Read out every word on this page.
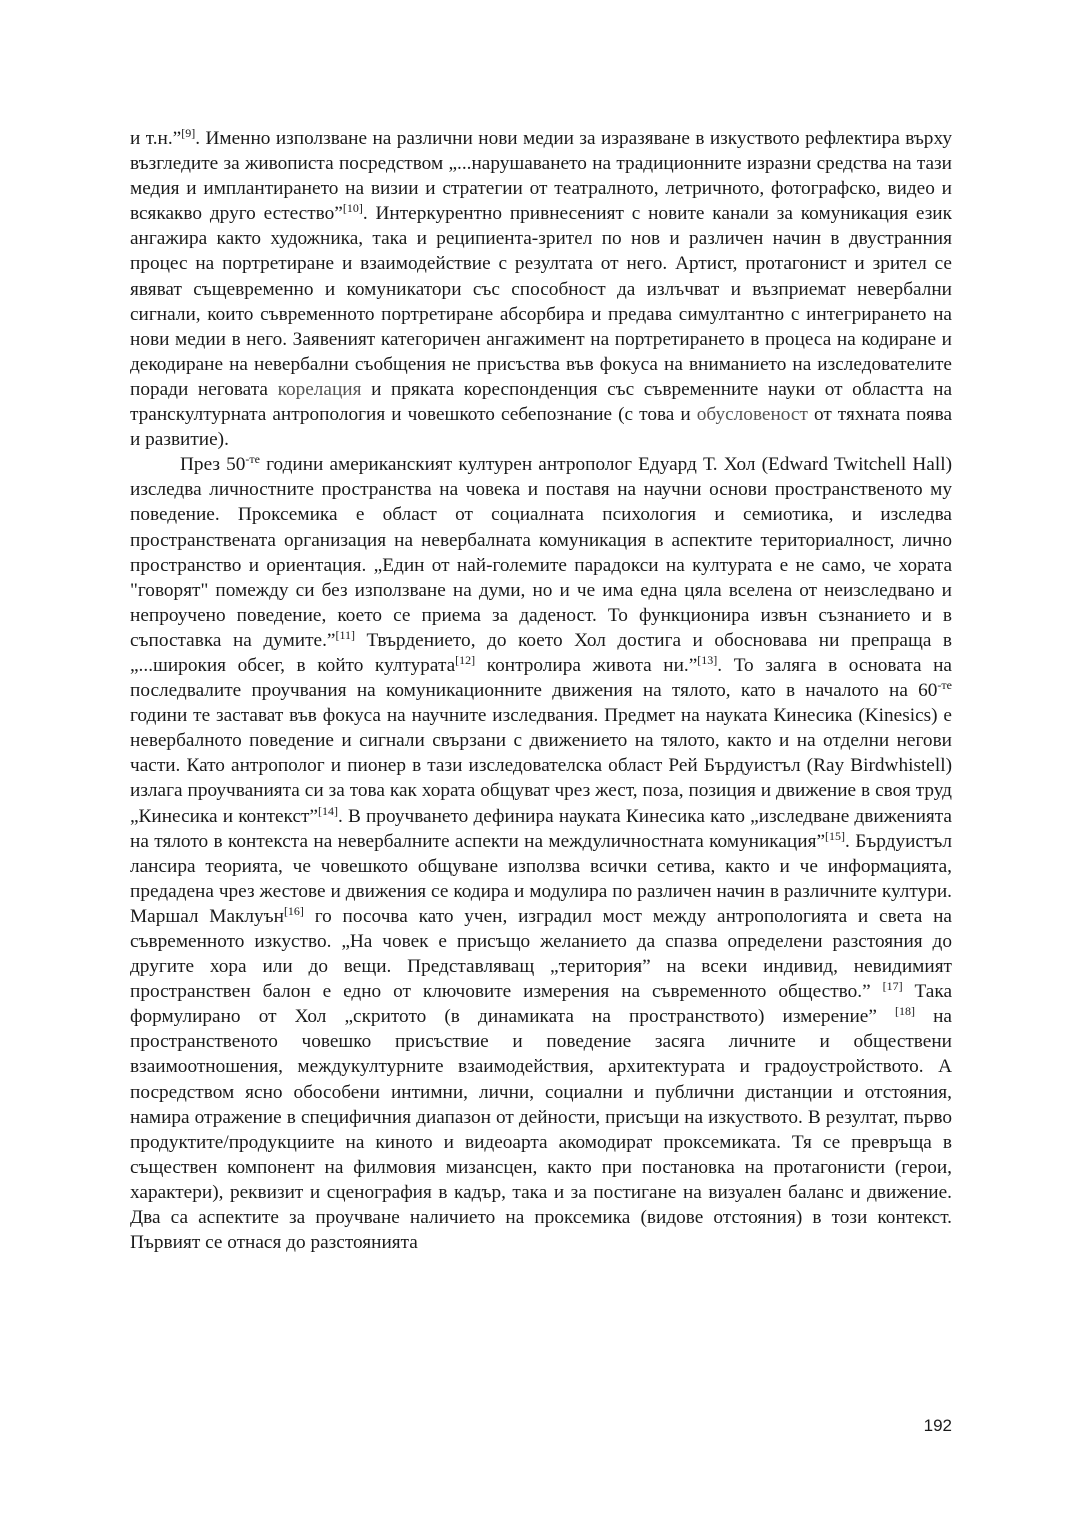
и т.н.”[9]. Именно използване на различни нови медии за изразяване в изкуството рефлектира върху възгледите за живописта посредством „...нарушаването на традиционните изразни средства на тази медия и имплантирането на визии и стратегии от театралното, летричното, фотографско, видео и всякакво друго естество”[10]. Интеркурентно привнесеният с новите канали за комуникация език ангажира както художника, така и реципиента-зрител по нов и различен начин в двустранния процес на портретиране и взаимодействие с резултата от него. Артист, протагонист и зрител се явяват същевременно и комуникатори със способност да излъчват и възприемат невербални сигнали, които съвременното портретиране абсорбира и предава симултантно с интегрирането на нови медии в него. Заявеният категоричен ангажимент на портретирането в процеса на кодиране и декодиране на невербални съобщения не присъства във фокуса на вниманието на изследователите поради неговата корелация и пряката кореспонденция със съвременните науки от областта на транскултурната антропология и човешкото себепознание (с това и обусловеност от тяхната поява и развитие).

През $50^{-те}$ години американският културен антрополог Едуард Т. Хол (Edward Twitchell Hall) изследва личностните пространства на човека и поставя на научни основи пространственото му поведение. Проксемика е област от социалната психология и семиотика, и изследва пространствената организация на невербалната комуникация в аспектите териториалност, лично пространство и ориентация. „Един от най-големите парадокси на културата е не само, че хората "говорят" помежду си без използване на думи, но и че има една цяла вселена от неизследвано и непроучено поведение, което се приема за даденост. То функционира извън съзнанието и в съпоставка на думите.”[11] Твърдението, до което Хол достига и обосновава ни препраща в „...широкия обсег, в който културата[12] контролира живота ни.”[13]. То заляга в основата на последвалите проучвания на комуникационните движения на тялото, като в началото на $60^{-те}$ години те застават във фокуса на научните изследвания. Предмет на науката Кинесика (Kinesics) е невербалното поведение и сигнали свързани с движението на тялото, както и на отделни негови части. Като антрополог и пионер в тази изследователска област Рей Бърдуистъл (Ray Birdwhistell) излага проучванията си за това как хората общуват чрез жест, поза, позиция и движение в своя труд „Кинесика и контекст”[14]. В проучването дефинира науката Кинесика като „изследване движенията на тялото в контекста на невербалните аспекти на междуличностната комуникация”[15]. Бърдуистъл лансира теорията, че човешкото общуване използва всички сетива, както и че информацията, предадена чрез жестове и движения се кодира и модулира по различен начин в различните култури. Маршал Маклуън[16] го посочва като учен, изградил мост между антропологията и света на съвременното изкуство. „На човек е присъщо желанието да спазва определени разстояния до другите хора или до вещи. Представляващ „територия” на всеки индивид, невидимият пространствен балон е едно от ключовите измерения на съвременното общество.” [17] Така формулирано от Хол „скритото (в динамиката на пространството) измерение” [18] на пространственото човешко присъствие и поведение засяга личните и обществени взаимоотношения, междукултурните взаимодействия, архитектурата и градоустройството. А посредством ясно обособени интимни, лични, социални и публични дистанции и отстояния, намира отражение в специфичния диапазон от дейности, присъщи на изкуството. В резултат, първо продуктите/продукциите на киното и видеоарта акомодират проксемиката. Тя се превръща в съществен компонент на филмовия мизансцен, както при постановка на протагонисти (герои, характери), реквизит и сценография в кадър, така и за постигане на визуален баланс и движение. Два са аспектите за проучване наличието на проксемика (видове отстояния) в този контекст. Първият се отнася до разстоянията

192
